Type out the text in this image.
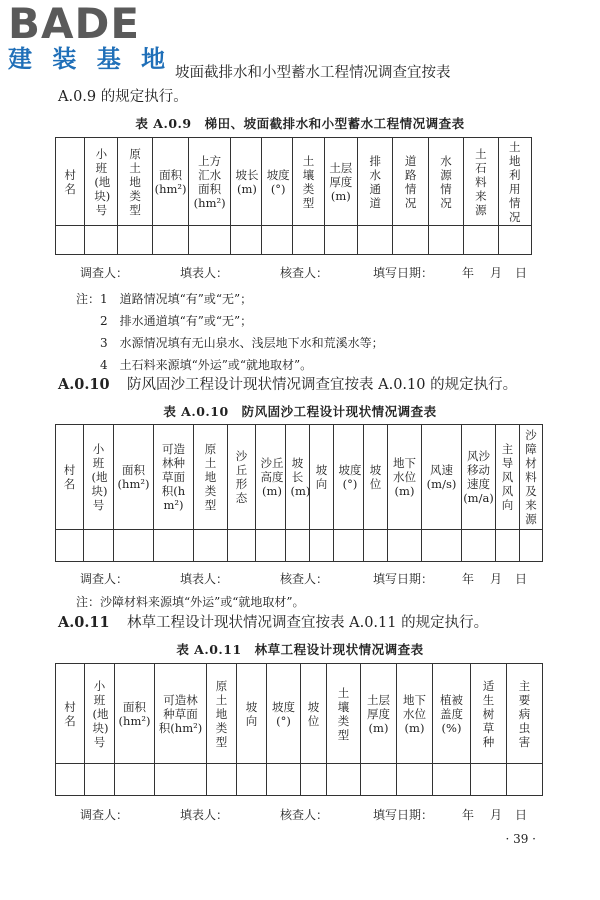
BADE
建 装 基 地 坡面截排水和小型蓄水工程情况调查宜按表
A.0.9 的规定执行。
表 A.0.9　梯田、坡面截排水和小型蓄水工程情况调查表
村名	小班(地块)号	原土地类型	面积(hm²)	上方汇水面积(hm²)	坡长(m)	坡度(°)	土壤类型	土层厚度(m)	排水通道	道路情况	水源情况	土石料来源	土地利用情况

调查人：	填表人：	核查人：	填写日期： 年 月 日
注： 1　道路情况填“有”或“无”；
2　排水通道填“有”或“无”；
3　水源情况填有无山泉水、浅层地下水和荒溪水等；
4　土石料来源填“外运”或“就地取材”。
A.0.10 防风固沙工程设计现状情况调查宜按表 A.0.10 的规定执行。
表 A.0.10　防风固沙工程设计现状情况调查表
村名	小班(地块)号	面积(hm²)	可造林种草面积(hm²)	原土地类型	沙丘形态	沙丘高度(m)	坡长(m)	坡向	坡度(°)	坡位	地下水位(m)	风速(m/s)	风沙移动速度(m/a)	主导风风向	沙障材料及来源

调查人：	填表人：	核查人：	填写日期： 年 月 日
注：沙障材料来源填“外运”或“就地取材”。
A.0.11 林草工程设计现状情况调查宜按表 A.0.11 的规定执行。
表 A.0.11　林草工程设计现状情况调查表
村名	小班(地块)号	面积(hm²)	可造林种草面积(hm²)	原土地类型	坡向	坡度(°)	坡位	土壤类型	土层厚度(m)	地下水位(m)	植被盖度(%)	适生树草种	主要病虫害

调查人：	填表人：	核查人：	填写日期： 年 月 日
· 39 ·
